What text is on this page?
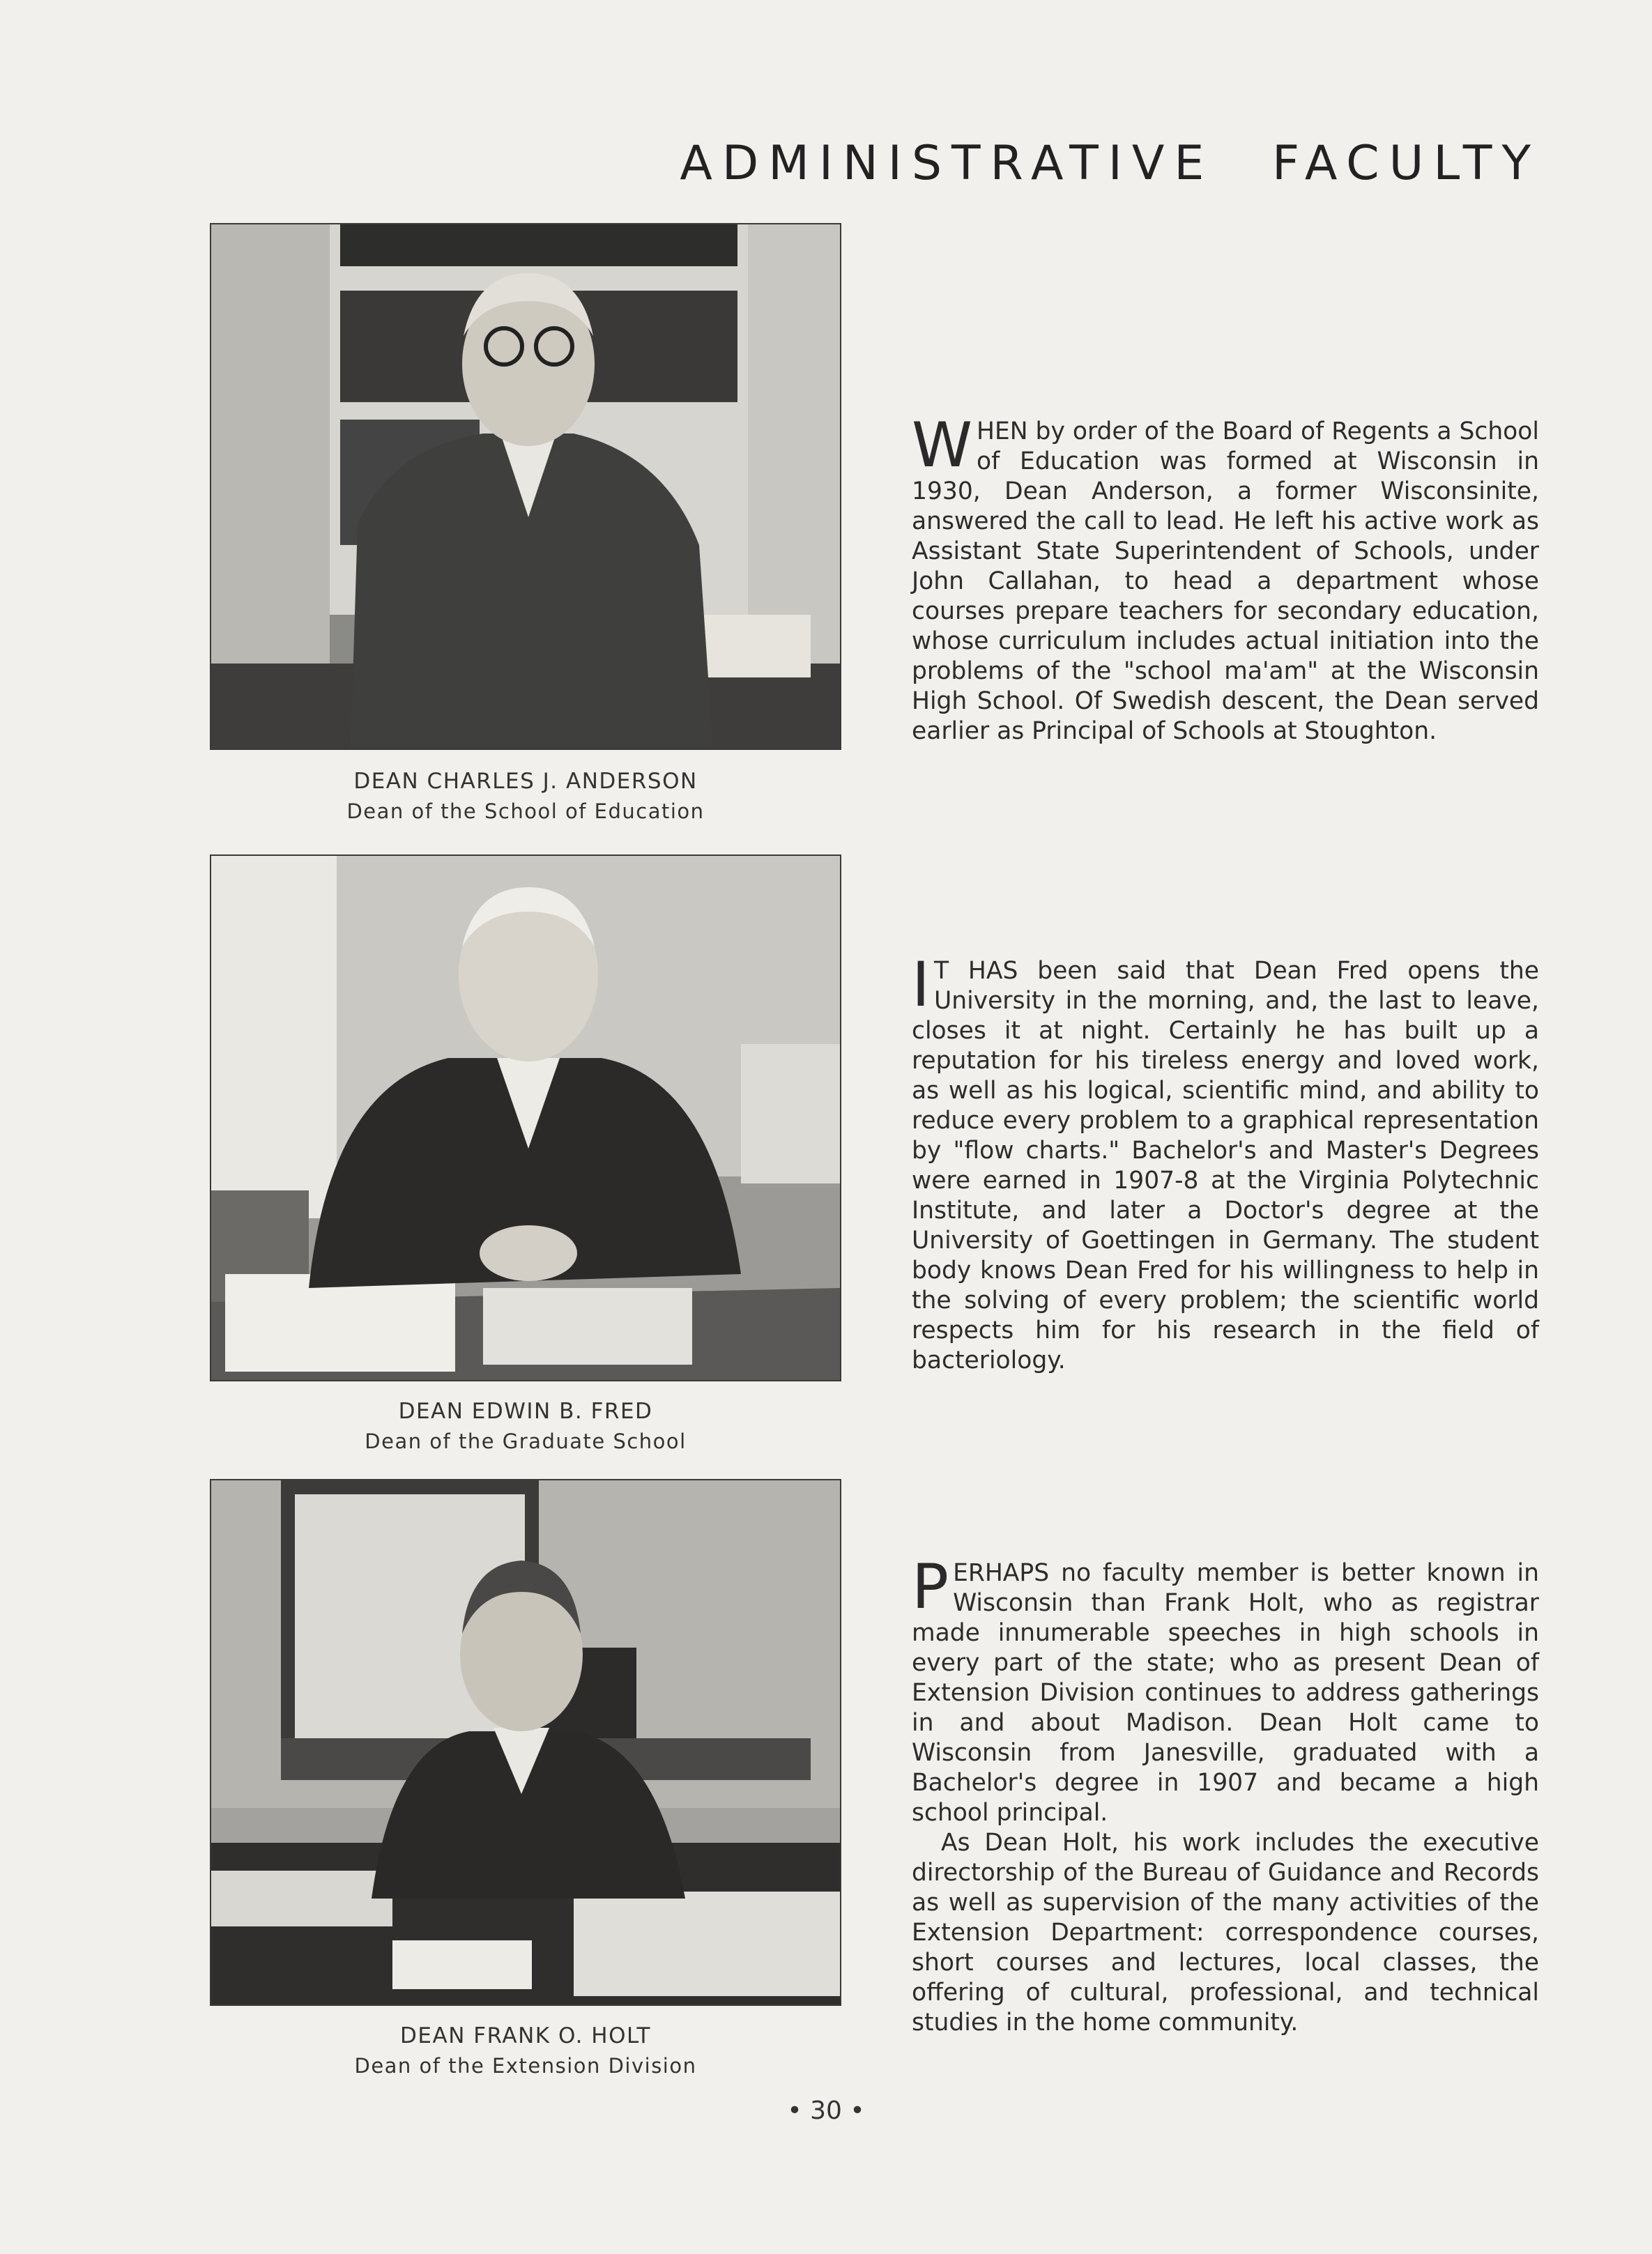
ADMINISTRATIVE FACULTY
DEAN CHARLES J. ANDERSON
Dean of the School of Education
W HEN by order of the Board of Regents a School of Education was formed at Wisconsin in 1930, Dean Anderson, a former Wisconsinite, answered the call to lead. He left his active work as Assistant State Superintendent of Schools, under John Callahan, to head a department whose courses prepare teachers for secondary education, whose curriculum includes actual initiation into the problems of the "school ma'am" at the Wisconsin High School. Of Swedish descent, the Dean served earlier as Principal of Schools at Stoughton.

DEAN EDWIN B. FRED
Dean of the Graduate School
I T HAS been said that Dean Fred opens the University in the morning, and, the last to leave, closes it at night. Certainly he has built up a reputation for his tireless energy and loved work, as well as his logical, scientific mind, and ability to reduce every problem to a graphical representation by "flow charts." Bachelor's and Master's Degrees were earned in 1907-8 at the Virginia Polytechnic Institute, and later a Doctor's degree at the University of Goettingen in Germany. The student body knows Dean Fred for his willingness to help in the solving of every problem; the scientific world respects him for his research in the field of bacteriology.

DEAN FRANK O. HOLT
Dean of the Extension Division
P ERHAPS no faculty member is better known in Wisconsin than Frank Holt, who as registrar made innumerable speeches in high schools in every part of the state; who as present Dean of Extension Division continues to address gatherings in and about Madison. Dean Holt came to Wisconsin from Janesville, graduated with a Bachelor's degree in 1907 and became a high school principal.

As Dean Holt, his work includes the executive directorship of the Bureau of Guidance and Records as well as supervision of the many activities of the Extension Department: correspondence courses, short courses and lectures, local classes, the offering of cultural, professional, and technical studies in the home community.

• 30 •
